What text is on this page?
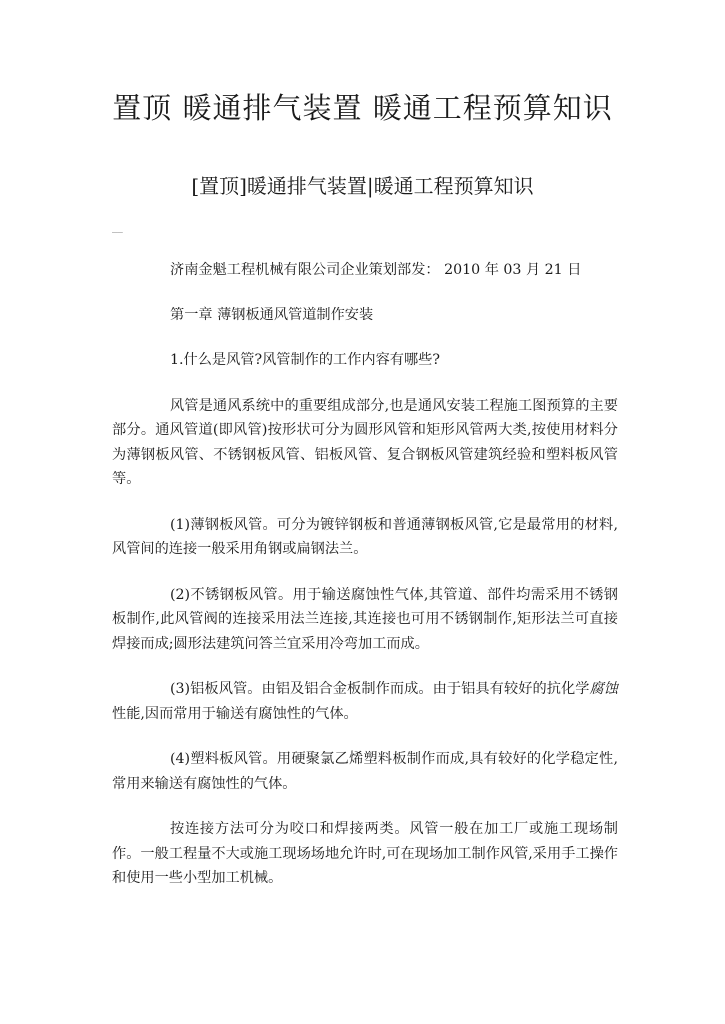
置顶 暖通排气装置 暖通工程预算知识
[置顶]暖通排气装置|暖通工程预算知识
——

济南金魁工程机械有限公司企业策划部发： 2010 年 03 月 21 日

第一章 薄钢板通风管道制作安装

1.什么是风管?风管制作的工作内容有哪些?

风管是通风系统中的重要组成部分,也是通风安装工程施工图预算的主要部分。通风管道(即风管)按形状可分为圆形风管和矩形风管两大类,按使用材料分为薄钢板风管、不锈钢板风管、铝板风管、复合钢板风管建筑经验和塑料板风管等。

(1)薄钢板风管。可分为镀锌钢板和普通薄钢板风管,它是最常用的材料,风管间的连接一般采用角钢或扁钢法兰。

(2)不锈钢板风管。用于输送腐蚀性气体,其管道、部件均需采用不锈钢板制作,此风管阀的连接采用法兰连接,其连接也可用不锈钢制作,矩形法兰可直接焊接而成;圆形法建筑问答兰宜采用冷弯加工而成。

(3)铝板风管。由铝及铝合金板制作而成。由于铝具有较好的抗化学腐蚀性能,因而常用于输送有腐蚀性的气体。

(4)塑料板风管。用硬聚氯乙烯塑料板制作而成,具有较好的化学稳定性,常用来输送有腐蚀性的气体。

按连接方法可分为咬口和焊接两类。风管一般在加工厂或施工现场制作。一般工程量不大或施工现场场地允许时,可在现场加工制作风管,采用手工操作和使用一些小型加工机械。
